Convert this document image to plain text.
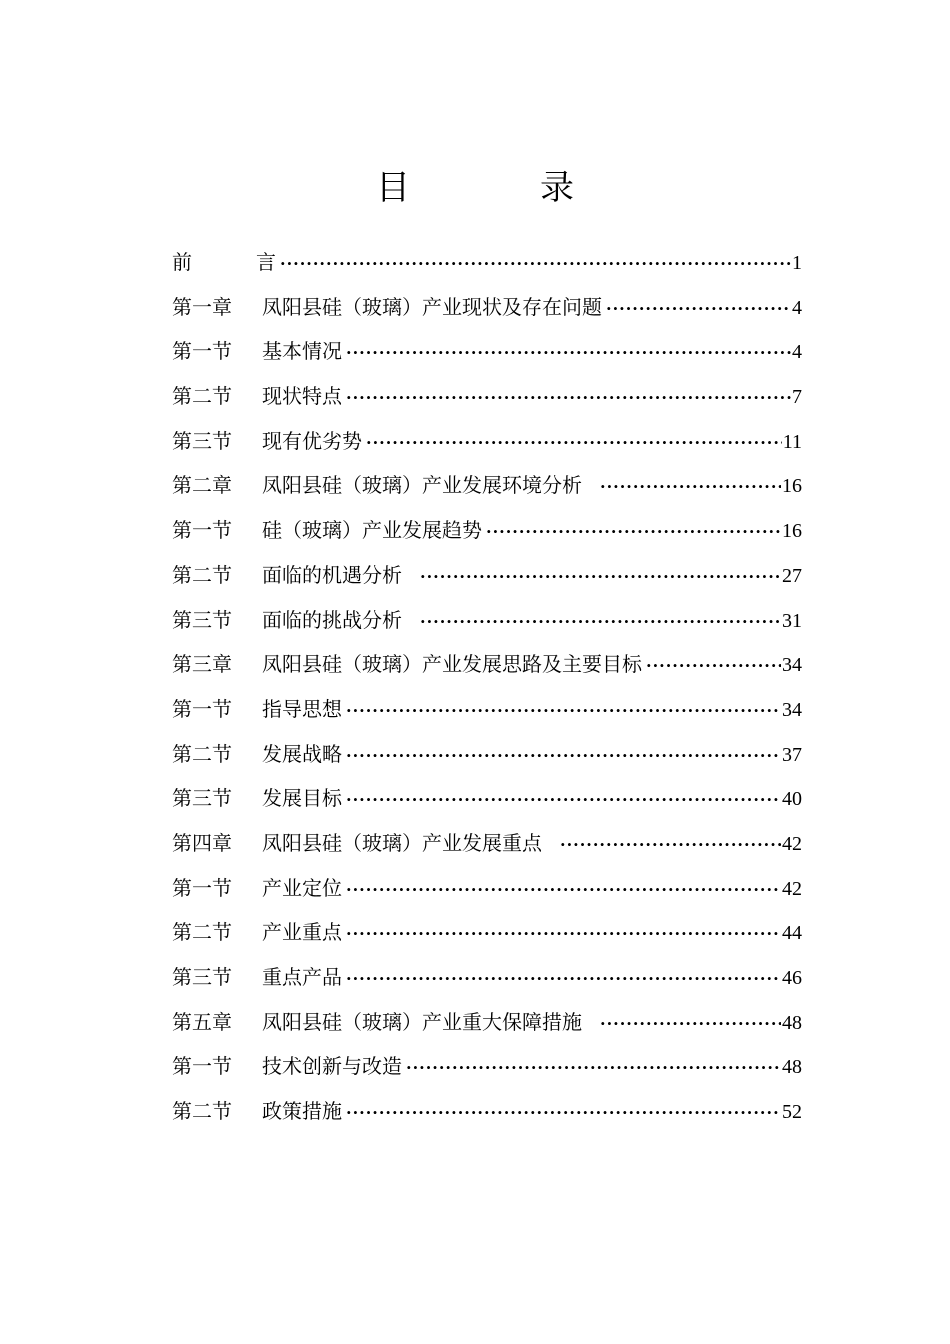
目　录
前　言 ·····	1
第一章	凤阳县硅（玻璃）产业现状及存在问题 ·····	4
第一节	基本情况 ·····	4
第二节	现状特点 ·····	7
第三节	现有优劣势 ·····	11
第二章	凤阳县硅（玻璃）产业发展环境分析 ·····	16
第一节	硅（玻璃）产业发展趋势 ·····	16
第二节	面临的机遇分析 ·····	27
第三节	面临的挑战分析 ·····	31
第三章	凤阳县硅（玻璃）产业发展思路及主要目标 ·····	34
第一节	指导思想 ·····	34
第二节	发展战略 ·····	37
第三节	发展目标 ·····	40
第四章	凤阳县硅（玻璃）产业发展重点 ·····	42
第一节	产业定位 ·····	42
第二节	产业重点 ·····	44
第三节	重点产品 ·····	46
第五章	凤阳县硅（玻璃）产业重大保障措施 ·····	48
第一节	技术创新与改造 ·····	48
第二节	政策措施 ·····	52
